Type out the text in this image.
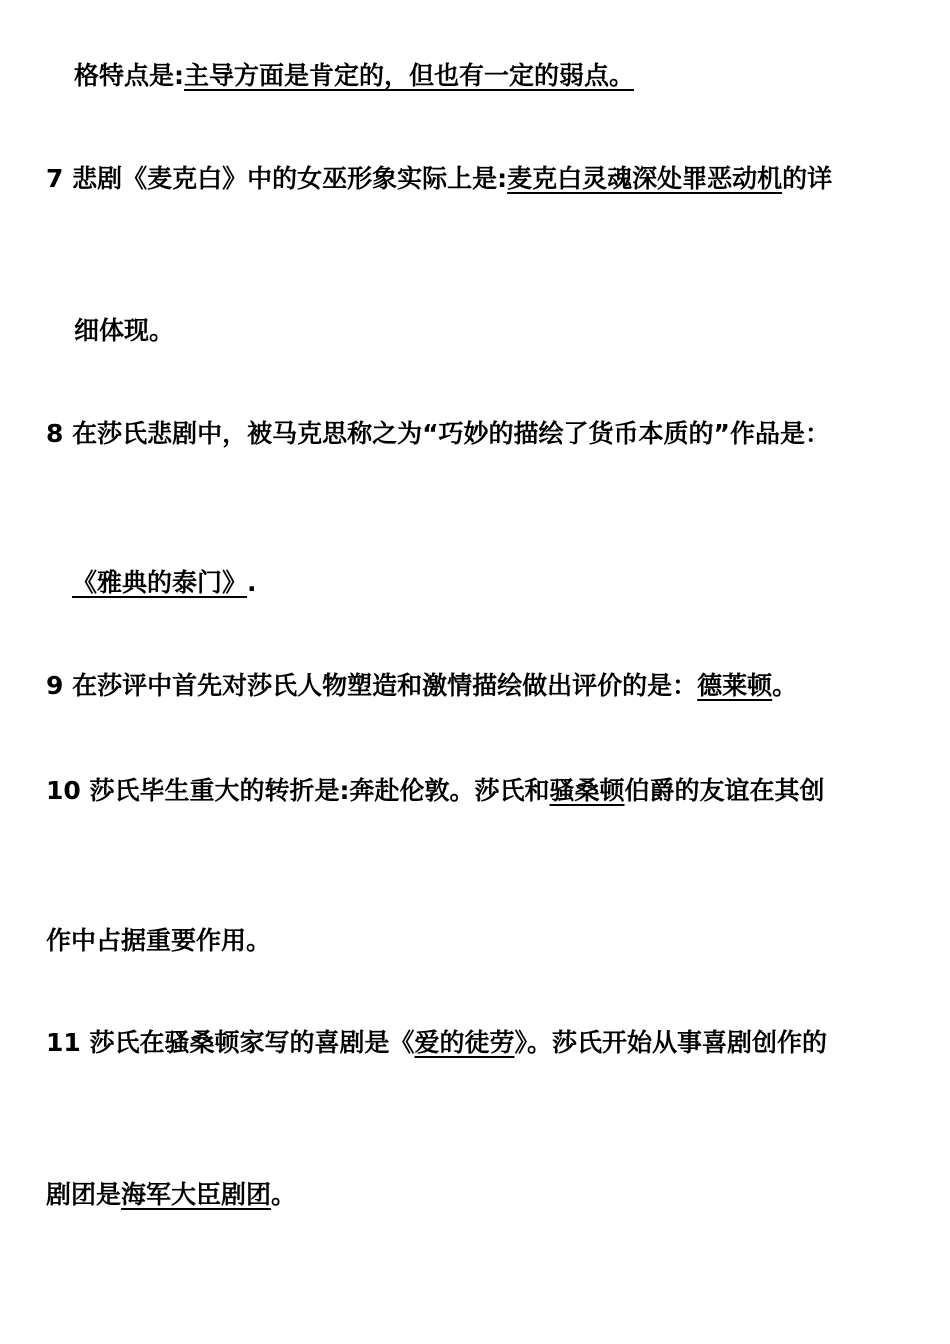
格特点是:主导方面是肯定的，但也有一定的弱点。
7 悲剧《麦克白》中的女巫形象实际上是:麦克白灵魂深处罪恶动机的详
细体现。
8 在莎氏悲剧中，被马克思称之为“巧妙的描绘了货币本质的”作品是：
《雅典的泰门》.
9 在莎评中首先对莎氏人物塑造和激情描绘做出评价的是：德莱顿。
10 莎氏毕生重大的转折是:奔赴伦敦。莎氏和骚桑顿伯爵的友谊在其创
作中占据重要作用。
11 莎氏在骚桑顿家写的喜剧是《爱的徒劳》。莎氏开始从事喜剧创作的
剧团是海军大臣剧团。
